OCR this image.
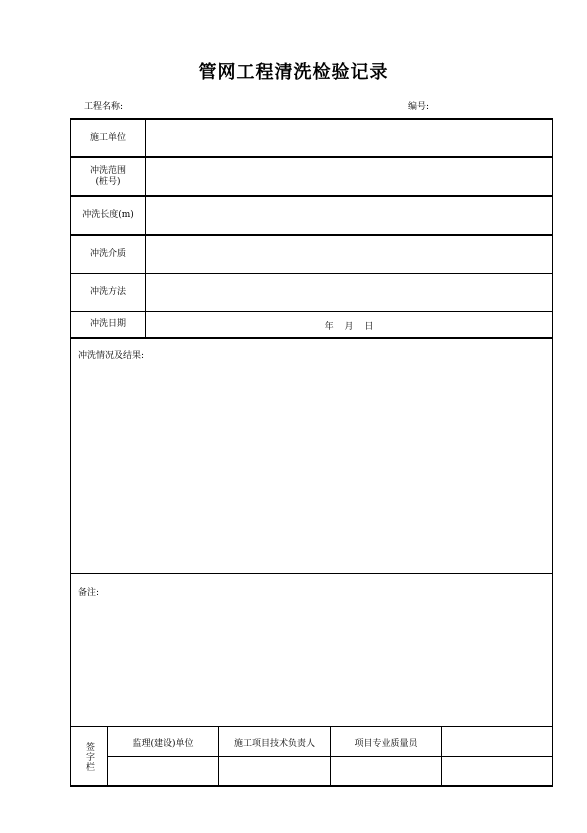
管网工程清洗检验记录
工程名称:	编号:
施工单位
冲洗范围
(桩号)
冲洗长度(m)
冲洗介质
冲洗方法
冲洗日期	年 月 日
冲洗情况及结果:
备注:
签字栏	监理(建设)单位	施工项目技术负责人	项目专业质量员
